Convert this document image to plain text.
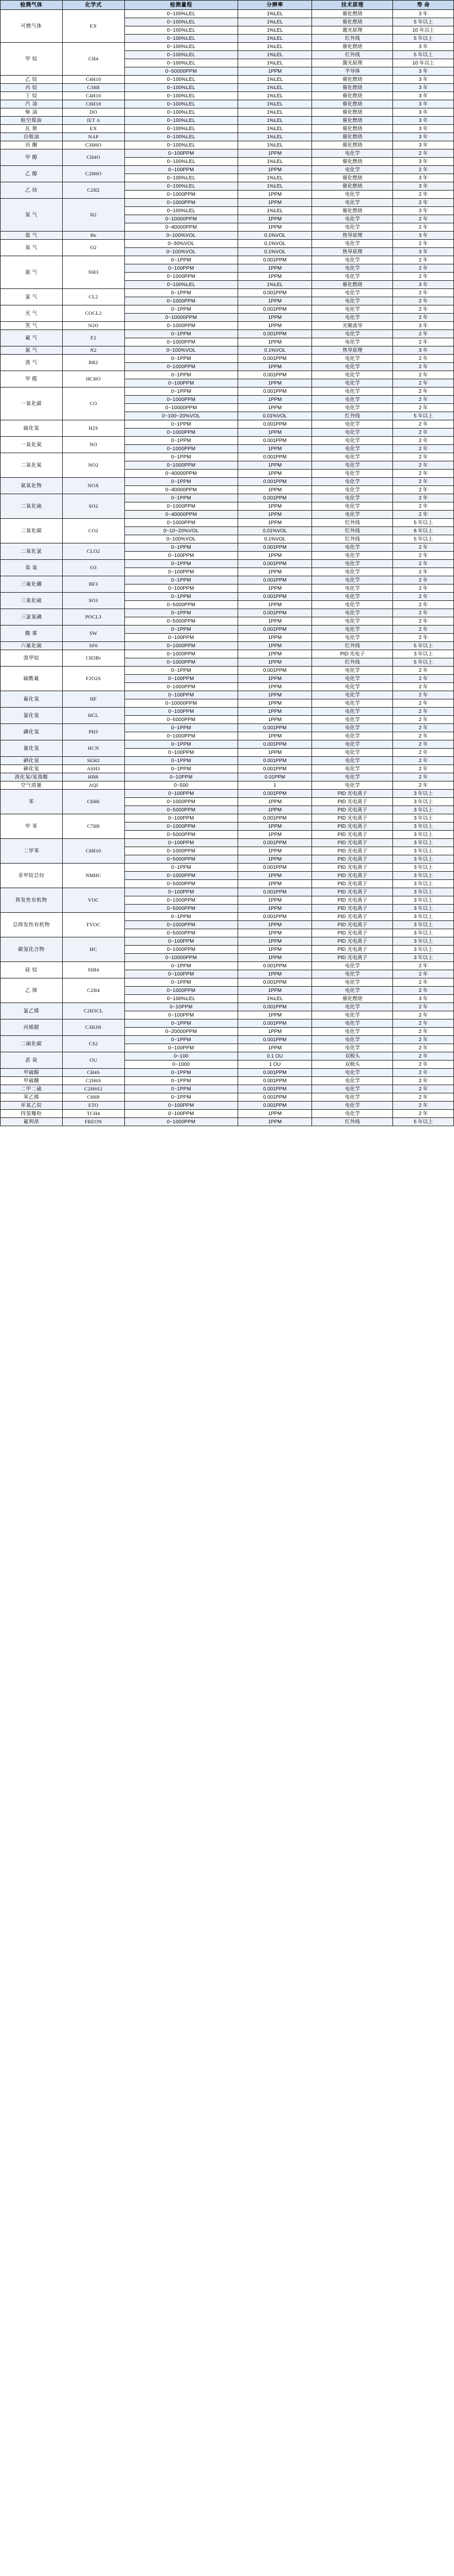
检测气体	化学式	检测量程	分辨率	技术原理	寿 命
可燃气体	EX	0~100%LEL	1%LEL	催化燃烧	3 年
		0~100%LEL	1%LEL	催化燃烧	5 年以上
		0~100%LEL	1%LEL	激光原理	10 年以上
		0~100%LEL	1%LEL	红外线	5 年以上
甲 烷	CH4	0~100%LEL	1%LEL	催化燃烧	3 年
		0~100%LEL	1%LEL	红外线	5 年以上
		0~100%LEL	1%LEL	激光原理	10 年以上
		0~50000PPM	1PPM	半导体	3 年
乙 烷	C4H10	0~100%LEL	1%LEL	催化燃烧	3 年
丙 烷	C3H8	0~100%LEL	1%LEL	催化燃烧	3 年
丁 烷	C4H10	0~100%LEL	1%LEL	催化燃烧	3 年
汽 油	C8H18	0~100%LEL	1%LEL	催化燃烧	3 年
柴 油	DO	0~100%LEL	1%LEL	催化燃烧	3 年
航空煤油	JET A	0~100%LEL	1%LEL	催化燃烧	3 年
瓦 斯	EX	0~100%LEL	1%LEL	催化燃烧	3 年
自吸油	NAP	0~100%LEL	1%LEL	催化燃烧	3 年
丙 酮	C3H6O	0~100%LEL	1%LEL	催化燃烧	3 年
甲 醇	CH4O	0~100PPM	1PPM	电化学	2 年
		0~100%LEL	1%LEL	催化燃烧	3 年
乙 醇	C2H6O	0~100PPM	1PPM	电化学	2 年
		0~100%LEL	1%LEL	催化燃烧	3 年
乙 炔	C2H2	0~100%LEL	1%LEL	催化燃烧	3 年
		0~1000PPM	1PPM	电化学	2 年
氢 气	H2	0~1000PPM	1PPM	电化学	2 年
		0~100%LEL	1%LEL	催化燃烧	3 年
		0~10000PPM	1PPM	电化学	2 年
		0~40000PPM	1PPM	电化学	2 年
氦 气	He	0~100%VOL	0.1%VOL	热导原理	3 年
氧 气	O2	0~30%VOL	0.1%VOL	电化学	2 年
		0~100%VOL	0.1%VOL	热导原理	3 年
氨 气	NH3	0~1PPM	0.001PPM	电化学	2 年
		0~100PPM	1PPM	电化学	2 年
		0~1000PPM	1PPM	电化学	2 年
		0~100%LEL	1%LEL	催化燃烧	3 年
氯 气	CL2	0~1PPM	0.001PPM	电化学	2 年
		0~1000PPM	1PPM	电化学	2 年
光 气	COCL2	0~1PPM	0.001PPM	电化学	2 年
		0~10000PPM	1PPM	电化学	2 年
笑 气	N2O	0~1000PPM	1PPM	光聚波导	3 年
氟 气	F2	0~1PPM	0.001PPM	电化学	2 年
		0~1000PPM	1PPM	电化学	2 年
氮 气	N2	0~100%VOL	0.1%VOL	热导原理	3 年
溴 气	BR2	0~1PPM	0.001PPM	电化学	2 年
		0~1000PPM	1PPM	电化学	2 年
甲 醛	HCHO	0~1PPM	0.001PPM	电化学	2 年
		0~100PPM	1PPM	电化学	2 年
一氧化碳	CO	0~1PPM	0.001PPM	电化学	2 年
		0~1000PPM	1PPM	电化学	2 年
		0~10000PPM	1PPM	电化学	2 年
		0~100~20%VOL	0.01%VOL	红外线	5 年以上
硫化氢	H2S	0~1PPM	0.001PPM	电化学	2 年
		0~1000PPM	1PPM	电化学	2 年
一氧化氮	NO	0~1PPM	0.001PPM	电化学	2 年
		0~1000PPM	1PPM	电化学	2 年
二氧化氮	NO2	0~1PPM	0.001PPM	电化学	2 年
		0~1000PPM	1PPM	电化学	2 年
		0~40000PPM	1PPM	电化学	2 年
氮氧化物	NOX	0~1PPM	0.001PPM	电化学	2 年
		0~40000PPM	1PPM	电化学	2 年
二氧化硫	SO2	0~1PPM	0.001PPM	电化学	2 年
		0~1000PPM	1PPM	电化学	2 年
		0~40000PPM	1PPM	电化学	2 年
二氧化碳	CO2	0~1000PPM	1PPM	红外线	5 年以上
		0~10~20%VOL	0.01%VOL	红外线	6 年以上
		0~100%VOL	0.1%VOL	红外线	5 年以上
二氧化氯	CLO2	0~1PPM	0.001PPM	电化学	2 年
		0~100PPM	1PPM	电化学	2 年
臭 氧	O3	0~1PPM	0.001PPM	电化学	2 年
		0~100PPM	1PPM	电化学	2 年
三氟化硼	BF3	0~1PPM	0.001PPM	电化学	2 年
		0~100PPM	1PPM	电化学	2 年
三氧化硫	SO3	0~1PPM	0.001PPM	电化学	2 年
		0~5000PPM	1PPM	电化学	2 年
三氯氧磷	POCL3	0~1PPM	0.001PPM	电化学	2 年
		0~5000PPM	1PPM	电化学	2 年
酸 雾	SW	0~1PPM	0.001PPM	电化学	2 年
		0~100PPM	1PPM	电化学	2 年
六氟化硫	SF6	0~1000PPM	1PPM	红外线	5 年以上
溴甲烷	CH3Br	0~1000PPM	1PPM	PID 光电子	3 年以上
		0~1000PPM	1PPM	红外线	5 年以上
硫酰氟	F2O2S	0~1PPM	0.001PPM	电化学	2 年
		0~100PPM	1PPM	电化学	2 年
		0~1000PPM	1PPM	电化学	2 年
氟化氢	HF	0~100PPM	1PPM	电化学	2 年
		0~10000PPM	1PPM	电化学	2 年
氯化氢	HCL	0~100PPM	1PPM	电化学	2 年
		0~5000PPM	1PPM	电化学	2 年
磷化氢	PH3	0~1PPM	0.001PPM	电化学	2 年
		0~1000PPM	1PPM	电化学	2 年
氰化氢	HCN	0~1PPM	0.001PPM	电化学	2 年
		0~100PPM	1PPM	电化学	2 年
硒化氢	SEH2	0~1PPM	0.001PPM	电化学	2 年
砷化氢	ASH3	0~1PPM	0.001PPM	电化学	2 年
溴化氢/氢溴酸	HBR	0~10PPM	0.01PPM	电化学	2 年
空气质量	AQI	0~500	1	电化学	2 年
苯	C6H6	0~100PPM	0.001PPM	PID 光电离子	3 年以上
		0~1000PPM	1PPM	PID 光电离子	3 年以上
		0~5000PPM	1PPM	PID 光电离子	3 年以上
甲 苯	C7H8	0~100PPM	0.001PPM	PID 光电离子	3 年以上
		0~1000PPM	1PPM	PID 光电离子	3 年以上
		0~5000PPM	1PPM	PID 光电离子	3 年以上
二甲苯	C8H10	0~100PPM	0.001PPM	PID 光电离子	3 年以上
		0~1000PPM	1PPM	PID 光电离子	3 年以上
		0~5000PPM	1PPM	PID 光电离子	3 年以上
非甲烷总烃	NMHC	0~1PPM	0.001PPM	PID 光电离子	3 年以上
		0~1000PPM	1PPM	PID 光电离子	3 年以上
		0~5000PPM	1PPM	PID 光电离子	3 年以上
挥发性有机物	VOC	0~100PPM	0.001PPM	PID 光电离子	3 年以上
		0~1000PPM	1PPM	PID 光电离子	3 年以上
		0~5000PPM	1PPM	PID 光电离子	3 年以上
总挥发性有机物	TVOC	0~1PPM	0.001PPM	PID 光电离子	3 年以上
		0~1000PPM	1PPM	PID 光电离子	3 年以上
		0~5000PPM	1PPM	PID 光电离子	3 年以上
碳氢化合物	HC	0~100PPM	1PPM	PID 光电离子	3 年以上
		0~1000PPM	1PPM	PID 光电离子	3 年以上
		0~10000PPM	1PPM	PID 光电离子	3 年以上
硅 烷	SIH4	0~1PPM	0.001PPM	电化学	2 年
		0~100PPM	1PPM	电化学	2 年
乙 烯	C2H4	0~1PPM	0.001PPM	电化学	2 年
		0~1000PPM	1PPM	电化学	2 年
		0~100%LEL	1%LEL	催化燃烧	3 年
氯乙烯	C2H3CL	0~10PPM	0.001PPM	电化学	2 年
		0~100PPM	1PPM	电化学	2 年
丙烯腈	C3H3N	0~1PPM	0.001PPM	电化学	2 年
		0~20000PPM	1PPM	电化学	2 年
二硫化碳	CS2	0~1PPM	0.001PPM	电化学	2 年
		0~100PPM	1PPM	电化学	2 年
恶 臭	OU	0~100	0.1 OU	双极头	2 年
		0~1000	1 OU	双极头	2 年
甲硫醇	CH4S	0~1PPM	0.001PPM	电化学	2 年
甲硫醚	C2H6S	0~1PPM	0.001PPM	电化学	2 年
二甲二硫	C2H6S2	0~1PPM	0.001PPM	电化学	2 年
苯乙烯	C8H8	0~1PPM	0.001PPM	电化学	2 年
环氧乙烷	ETO	0~100PPM	0.001PPM	电化学	2 年
四氢噻吩	TCH4	0~100PPM	1PPM	电化学	2 年
氟利昂	FREON	0~1000PPM	1PPM	红外线	5 年以上
